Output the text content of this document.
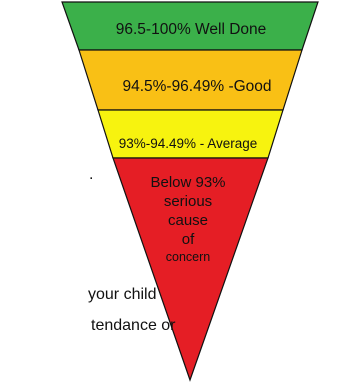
96.5-100% Well Done
94.5%-96.49% -Good
93%-94.49% - Average
Below 93%
serious
cause
of
concern
.
your child
tendance or
